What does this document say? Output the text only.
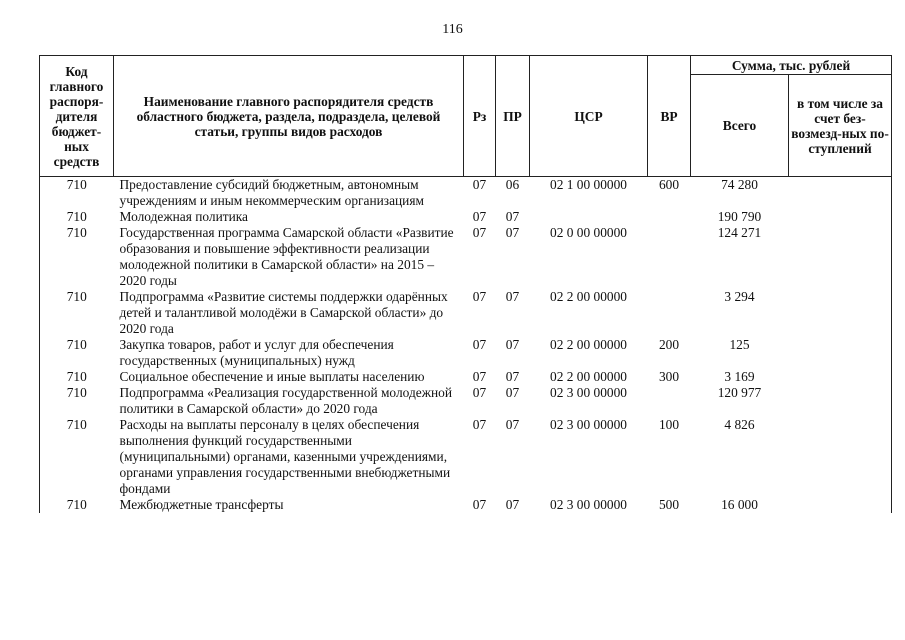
116
Код главного распоря-дителя бюджет-ных средств	Наименование главного распорядителя средств областного бюджета, раздела, подраздела, целевой статьи, группы видов расходов	Рз	ПР	ЦСР	ВР	Сумма, тыс. рублей	
						Всего	в том числе за счет без-возмезд-ных по-ступлений
710	Предоставление субсидий бюджетным, автономным учреждениям и иным некоммерческим организациям	07	06	02 1 00 00000	600	74 280	
710	Молодежная политика	07	07			190 790	
710	Государственная программа Самарской области «Развитие образования и повышение эффективности реализации молодежной политики в Самарской области» на 2015 – 2020 годы	07	07	02 0 00 00000		124 271	
710	Подпрограмма «Развитие системы поддержки одарённых детей и талантливой молодёжи в Самарской области» до 2020 года	07	07	02 2 00 00000		3 294	
710	Закупка товаров, работ и услуг для обеспечения государственных (муниципальных) нужд	07	07	02 2 00 00000	200	125	
710	Социальное обеспечение и иные выплаты населению	07	07	02 2 00 00000	300	3 169	
710	Подпрограмма «Реализация государственной молодежной политики в Самарской области» до 2020 года	07	07	02 3 00 00000		120 977	
710	Расходы на выплаты персоналу в целях обеспечения выполнения функций государственными (муниципальными) органами, казенными учреждениями, органами управления государственными внебюджетными фондами	07	07	02 3 00 00000	100	4 826	
710	Межбюджетные трансферты	07	07	02 3 00 00000	500	16 000	
